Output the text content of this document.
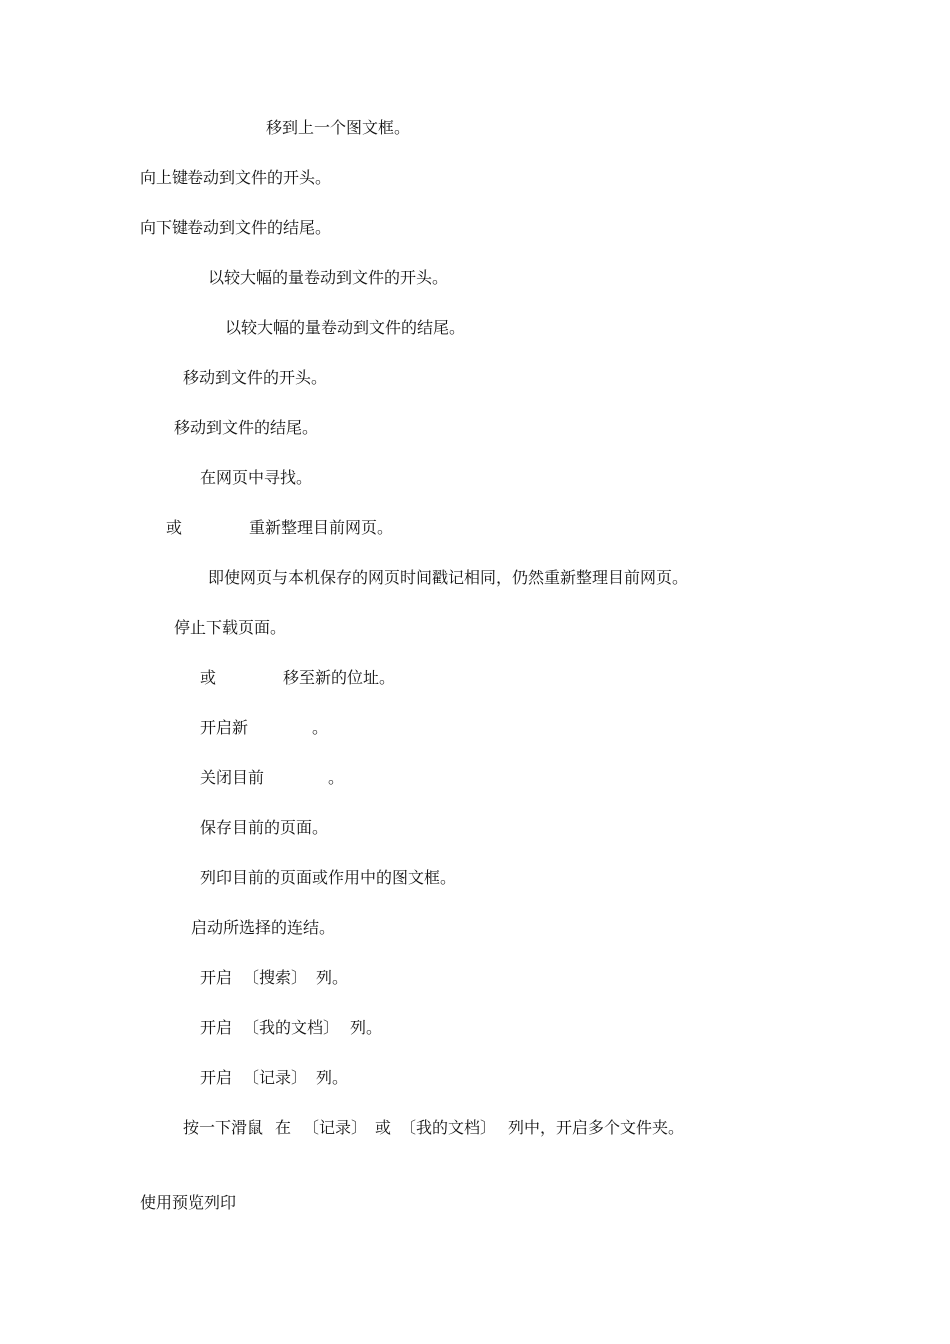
移到上一个图文框。
向上键
卷动到文件的开头。
向下键
卷动到文件的结尾。
以较大幅的量卷动到文件的开头。
以较大幅的量卷动到文件的结尾。
移动到文件的开头。
移动到文件的结尾。
在网页中寻找。
或	重新整理目前网页。
即使网页与本机保存的网页时间戳记相同，仍然重新整理目前网页。
停止下载页面。
或	移至新的位址。
开启新	。
关闭目前	。
保存目前的页面。
列印目前的页面或作用中的图文框。
启动所选择的连结。
开启 〔搜索〕 列。
开启 〔我的文档〕 列。
开启 〔记录〕 列。
按一下滑鼠 在 〔记录〕 或 〔我的文档〕 列中，开启多个文件夹。
使用预览列印
